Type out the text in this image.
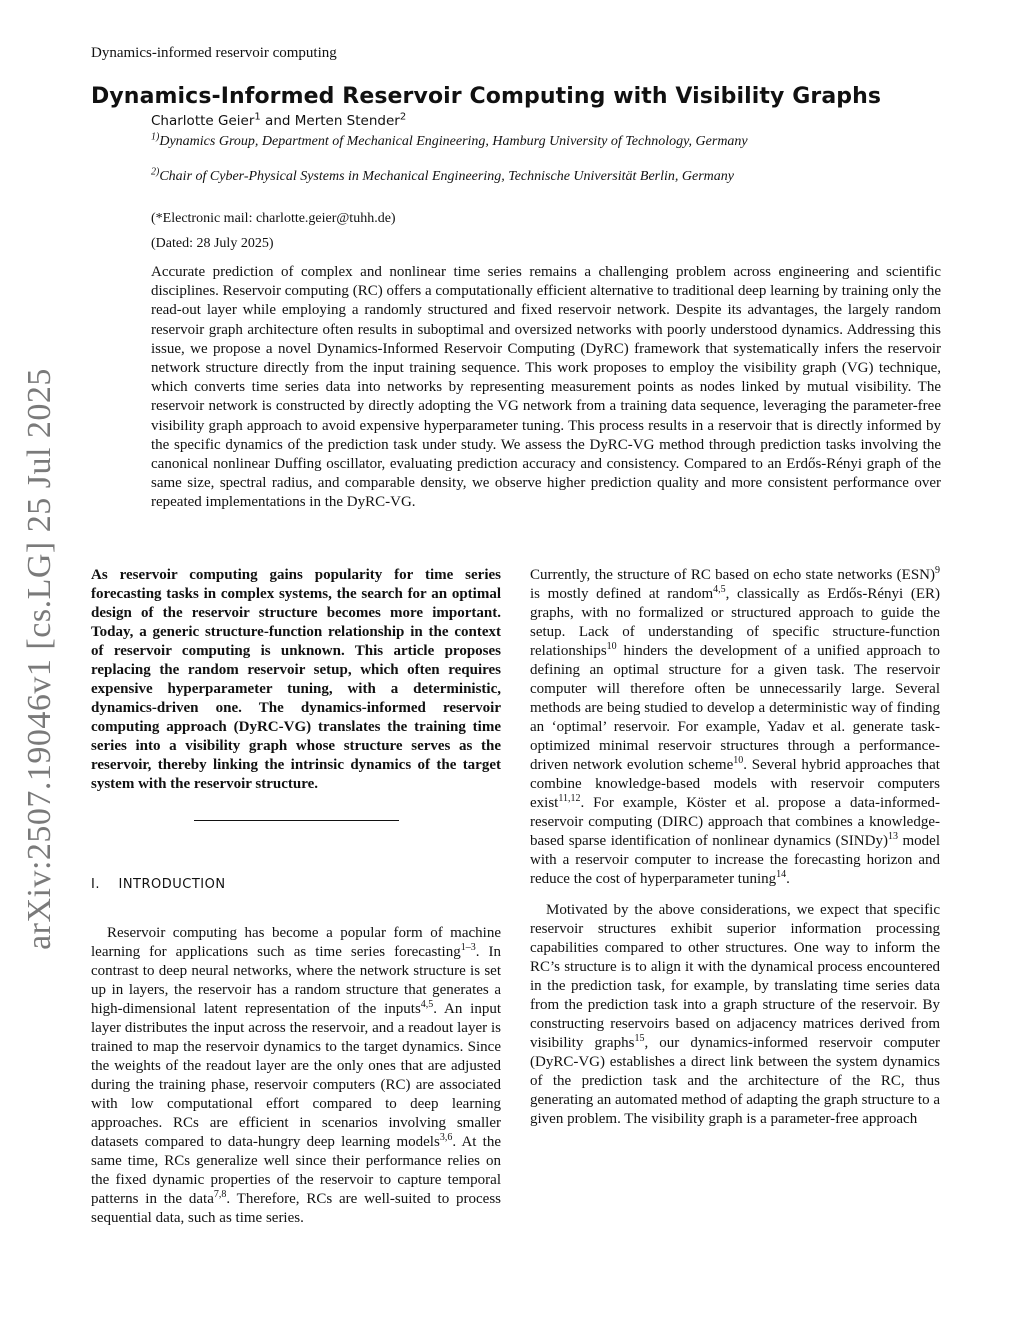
arXiv:2507.19046v1 [cs.LG] 25 Jul 2025
Dynamics-informed reservoir computing
Dynamics-Informed Reservoir Computing with Visibility Graphs
Charlotte Geier$^1$ and Merten Stender$^2$
$^{1)}$Dynamics Group, Department of Mechanical Engineering, Hamburg University of Technology, Germany
$^{2)}$Chair of Cyber-Physical Systems in Mechanical Engineering, Technische Universität Berlin, Germany
(*Electronic mail: charlotte.geier@tuhh.de)
(Dated: 28 July 2025)

Accurate prediction of complex and nonlinear time series remains a challenging problem across engineering and scientific disciplines. Reservoir computing (RC) offers a computationally efficient alternative to traditional deep learning by training only the read-out layer while employing a randomly structured and fixed reservoir network. Despite its advantages, the largely random reservoir graph architecture often results in suboptimal and oversized networks with poorly understood dynamics. Addressing this issue, we propose a novel Dynamics-Informed Reservoir Computing (DyRC) framework that systematically infers the reservoir network structure directly from the input training sequence. This work proposes to employ the visibility graph (VG) technique, which converts time series data into networks by representing measurement points as nodes linked by mutual visibility. The reservoir network is constructed by directly adopting the VG network from a training data sequence, leveraging the parameter-free visibility graph approach to avoid expensive hyperparameter tuning. This process results in a reservoir that is directly informed by the specific dynamics of the prediction task under study. We assess the DyRC-VG method through prediction tasks involving the canonical nonlinear Duffing oscillator, evaluating prediction accuracy and consistency. Compared to an Erdős-Rényi graph of the same size, spectral radius, and comparable density, we observe higher prediction quality and more consistent performance over repeated implementations in the DyRC-VG.

As reservoir computing gains popularity for time series forecasting tasks in complex systems, the search for an optimal design of the reservoir structure becomes more important. Today, a generic structure-function relationship in the context of reservoir computing is unknown. This article proposes replacing the random reservoir setup, which often requires expensive hyperparameter tuning, with a deterministic, dynamics-driven one. The dynamics-informed reservoir computing approach (DyRC-VG) translates the training time series into a visibility graph whose structure serves as the reservoir, thereby linking the intrinsic dynamics of the target system with the reservoir structure.

I. INTRODUCTION

Reservoir computing has become a popular form of machine learning for applications such as time series forecasting$^{1-3}$. In contrast to deep neural networks, where the network structure is set up in layers, the reservoir has a random structure that generates a high-dimensional latent representation of the inputs$^{4,5}$. An input layer distributes the input across the reservoir, and a readout layer is trained to map the reservoir dynamics to the target dynamics. Since the weights of the readout layer are the only ones that are adjusted during the training phase, reservoir computers (RC) are associated with low computational effort compared to deep learning approaches. RCs are efficient in scenarios involving smaller datasets compared to data-hungry deep learning models$^{3,6}$. At the same time, RCs generalize well since their performance relies on the fixed dynamic properties of the reservoir to capture temporal patterns in the data$^{7,8}$. Therefore, RCs are well-suited to process sequential data, such as time series.

Currently, the structure of RC based on echo state networks (ESN)$^9$ is mostly defined at random$^{4,5}$, classically as Erdős-Rényi (ER) graphs, with no formalized or structured approach to guide the setup. Lack of understanding of specific structure-function relationships$^{10}$ hinders the development of a unified approach to defining an optimal structure for a given task. The reservoir computer will therefore often be unnecessarily large. Several methods are being studied to develop a deterministic way of finding an ‘optimal’ reservoir. For example, Yadav et al. generate task-optimized minimal reservoir structures through a performance-driven network evolution scheme$^{10}$. Several hybrid approaches that combine knowledge-based models with reservoir computers exist$^{11,12}$. For example, Köster et al. propose a data-informed-reservoir computing (DIRC) approach that combines a knowledge-based sparse identification of nonlinear dynamics (SINDy)$^{13}$ model with a reservoir computer to increase the forecasting horizon and reduce the cost of hyperparameter tuning$^{14}$.

Motivated by the above considerations, we expect that specific reservoir structures exhibit superior information processing capabilities compared to other structures. One way to inform the RC’s structure is to align it with the dynamical process encountered in the prediction task, for example, by translating time series data from the prediction task into a graph structure of the reservoir. By constructing reservoirs based on adjacency matrices derived from visibility graphs$^{15}$, our dynamics-informed reservoir computer (DyRC-VG) establishes a direct link between the system dynamics of the prediction task and the architecture of the RC, thus generating an automated method of adapting the graph structure to a given problem. The visibility graph is a parameter-free approach
